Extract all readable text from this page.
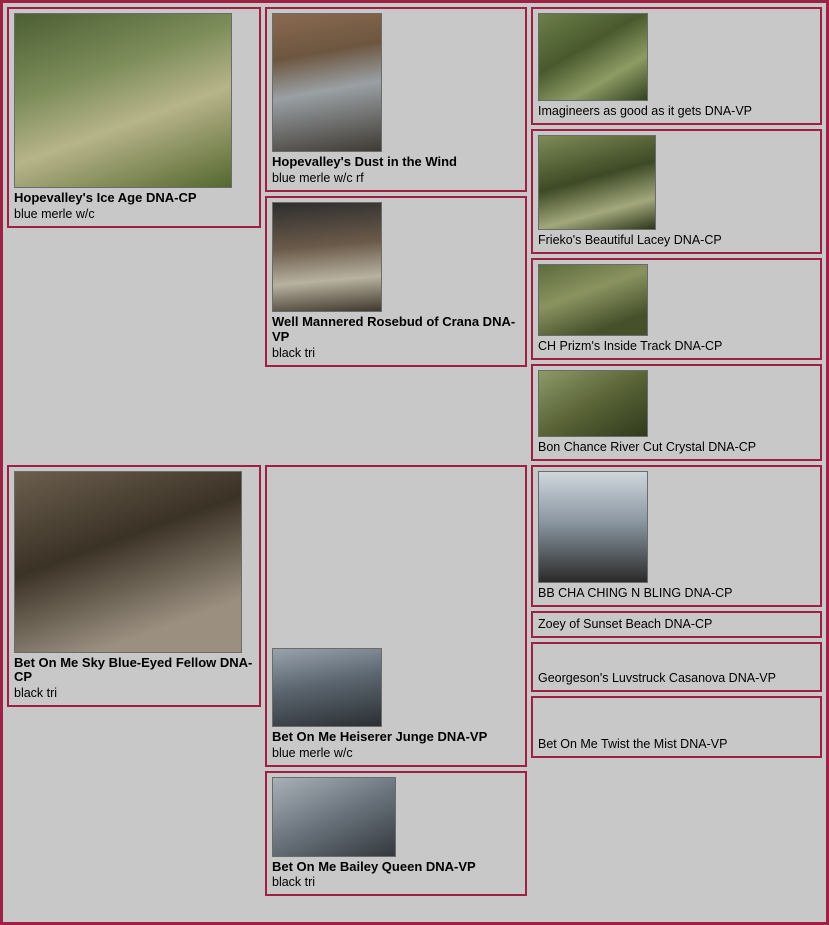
Hopevalley's Ice Age DNA-CP
blue merle w/c
Hopevalley's Dust in the Wind
blue merle w/c rf
Well Mannered Rosebud of Crana DNA-VP
black tri
Imagineers as good as it gets DNA-VP
Frieko's Beautiful Lacey DNA-CP
CH Prizm's Inside Track DNA-CP
Bon Chance River Cut Crystal DNA-CP
Bet On Me Sky Blue-Eyed Fellow DNA-CP
black tri
Bet On Me Heiserer Junge DNA-VP
blue merle w/c
Bet On Me Bailey Queen DNA-VP
black tri
BB CHA CHING N BLING DNA-CP
Zoey of Sunset Beach DNA-CP
Georgeson's Luvstruck Casanova DNA-VP
Bet On Me Twist the Mist DNA-VP
